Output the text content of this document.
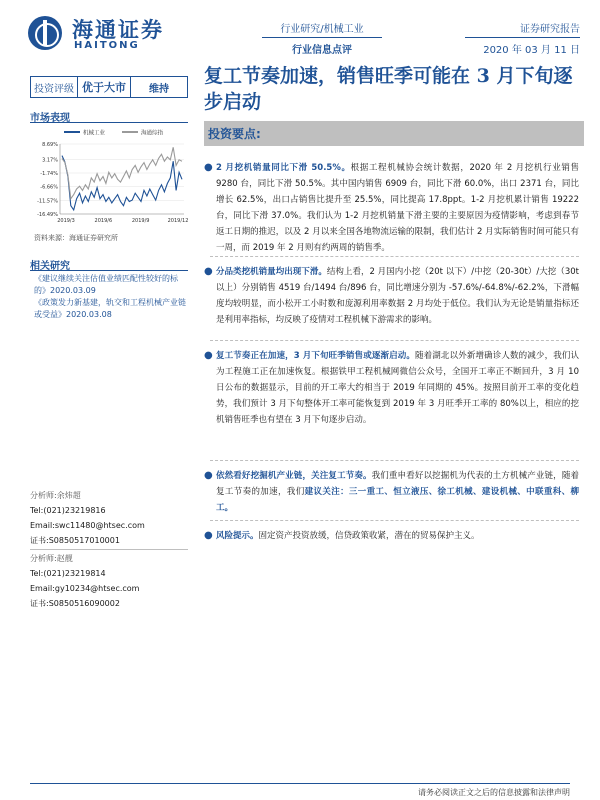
海通证券
HAITONG
行业研究/机械工业
行业信息点评
证券研究报告
2020 年 03 月 11 日
投资评级 优于大市	维持
复工节奏加速，销售旺季可能在 3 月下旬逐步启动
市场表现
机械工业	海通综指
8.69%
3.17%
-1.74%
-6.66%
-11.57%
-16.49%
2019/3	2019/6	2019/9	2019/12
资料来源：海通证券研究所
相关研究
《建议继续关注估值业绩匹配性较好的标的》2020.03.09
《政策发力新基建，轨交和工程机械产业链或受益》2020.03.08
分析师:余炜超
Tel:(021)23219816
Email:swc11480@htsec.com
证书:S0850517010001
分析师:赵靓
Tel:(021)23219814
Email:gy10234@htsec.com
证书:S0850516090002
投资要点:
● 2 月挖机销量同比下滑 50.5%。根据工程机械协会统计数据，2020 年 2 月挖机行业销售 9280 台，同比下滑 50.5%。其中国内销售 6909 台，同比下滑 60.0%，出口 2371 台，同比增长 62.5%，出口占销售比提升至 25.5%，同比提高 17.8ppt。1-2 月挖机累计销售 19222 台，同比下滑 37.0%。我们认为 1-2 月挖机销量下滑主要的主要原因为疫情影响，考虑到春节返工日期的推迟，以及 2 月以来全国各地物流运输的限制，我们估计 2 月实际销售时间可能只有一周，而 2019 年 2 月则有约两周的销售季。
● 分品类挖机销量均出现下滑。结构上看，2 月国内小挖（20t 以下）/中挖（20-30t）/大挖（30t 以上）分别销售 4519 台/1494 台/896 台，同比增速分别为 -57.6%/-64.8%/-62.2%，下滑幅度均较明显，而小松开工小时数和庞源利用率数据 2 月均处于低位。我们认为无论是销量指标还是利用率指标，均反映了疫情对工程机械下游需求的影响。
● 复工节奏正在加速，3 月下旬旺季销售或逐渐启动。随着湖北以外新增确诊人数的减少，我们认为工程施工正在加速恢复。根据铁甲工程机械网微信公众号，全国开工率正不断回升，3 月 10 日公布的数据显示，目前的开工率大约相当于 2019 年同期的 45%。按照目前开工率的变化趋势，我们预计 3 月下旬整体开工率可能恢复到 2019 年 3 月旺季开工率的 80%以上，相应的挖机销售旺季也有望在 3 月下旬逐步启动。
● 依然看好挖掘机产业链，关注复工节奏。我们重申看好以挖掘机为代表的土方机械产业链，随着复工节奏的加速，我们建议关注：三一重工、恒立液压、徐工机械、建设机械、中联重科、柳工。
● 风险提示。固定资产投资放缓，信贷政策收紧，潜在的贸易保护主义。
请务必阅读正文之后的信息披露和法律声明
